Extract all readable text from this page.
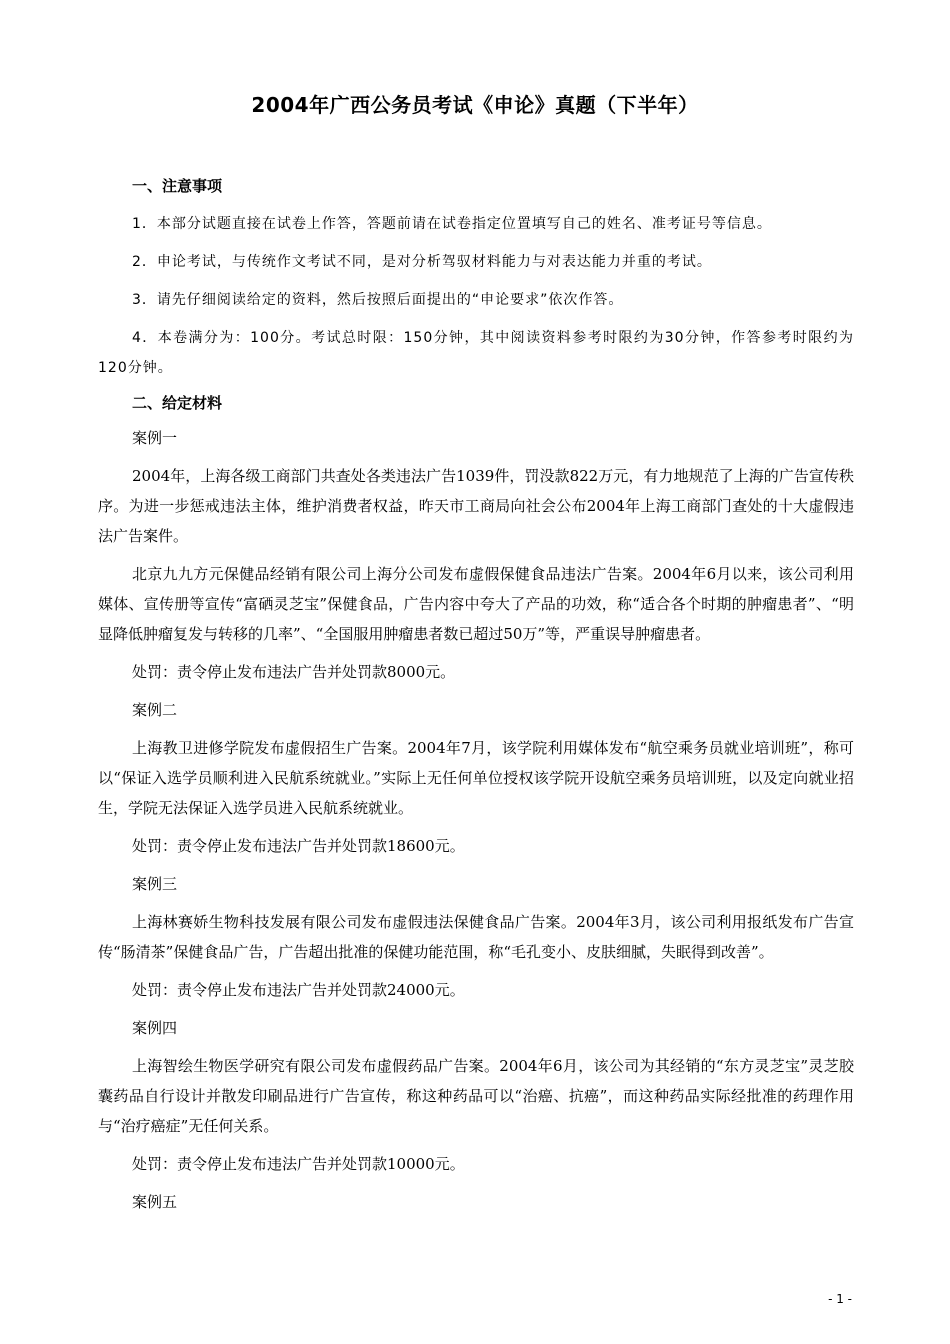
2004年广西公务员考试《申论》真题（下半年）
一、注意事项

1．本部分试题直接在试卷上作答，答题前请在试卷指定位置填写自己的姓名、准考证号等信息。

2．申论考试，与传统作文考试不同，是对分析驾驭材料能力与对表达能力并重的考试。

3．请先仔细阅读给定的资料，然后按照后面提出的“申论要求”依次作答。

4．本卷满分为：100分。考试总时限：150分钟，其中阅读资料参考时限约为30分钟，作答参考时限约为120分钟。

二、给定材料

案例一

2004年，上海各级工商部门共查处各类违法广告1039件，罚没款822万元，有力地规范了上海的广告宣传秩序。为进一步惩戒违法主体，维护消费者权益，昨天市工商局向社会公布2004年上海工商部门查处的十大虚假违法广告案件。

北京九九方元保健品经销有限公司上海分公司发布虚假保健食品违法广告案。2004年6月以来，该公司利用媒体、宣传册等宣传“富硒灵芝宝”保健食品，广告内容中夸大了产品的功效，称“适合各个时期的肿瘤患者”、“明显降低肿瘤复发与转移的几率”、“全国服用肿瘤患者数已超过50万”等，严重误导肿瘤患者。

处罚：责令停止发布违法广告并处罚款8000元。

案例二

上海教卫进修学院发布虚假招生广告案。2004年7月，该学院利用媒体发布“航空乘务员就业培训班”，称可以“保证入选学员顺利进入民航系统就业。”实际上无任何单位授权该学院开设航空乘务员培训班，以及定向就业招生，学院无法保证入选学员进入民航系统就业。

处罚：责令停止发布违法广告并处罚款18600元。

案例三

上海林赛娇生物科技发展有限公司发布虚假违法保健食品广告案。2004年3月，该公司利用报纸发布广告宣传“肠清茶”保健食品广告，广告超出批准的保健功能范围，称“毛孔变小、皮肤细腻，失眠得到改善”。

处罚：责令停止发布违法广告并处罚款24000元。

案例四

上海智绘生物医学研究有限公司发布虚假药品广告案。2004年6月，该公司为其经销的“东方灵芝宝”灵芝胶囊药品自行设计并散发印刷品进行广告宣传，称这种药品可以“治癌、抗癌”，而这种药品实际经批准的药理作用与“治疗癌症”无任何关系。

处罚：责令停止发布违法广告并处罚款10000元。

案例五

- 1 -
